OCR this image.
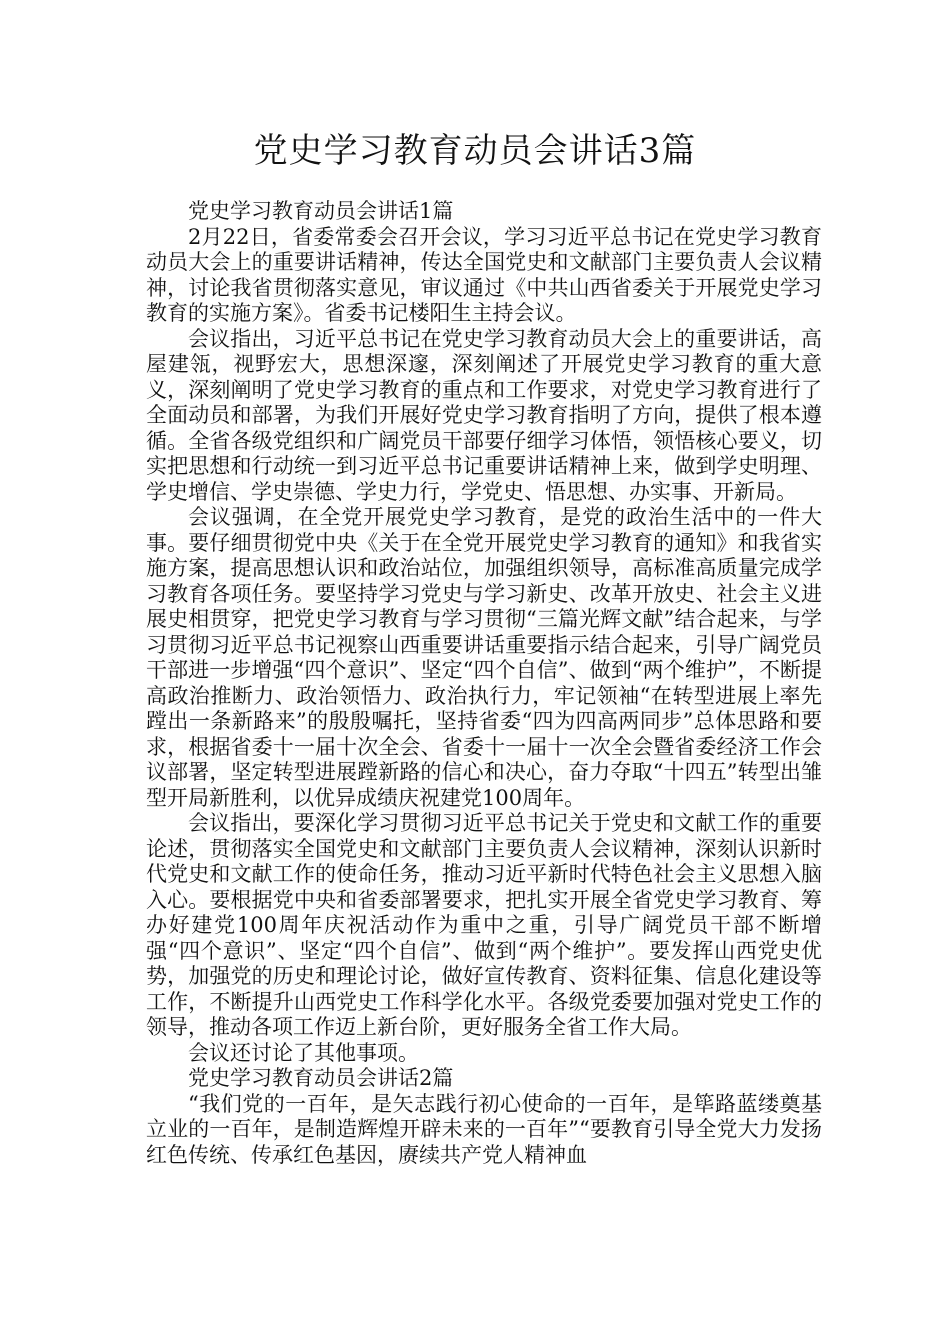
党史学习教育动员会讲话3篇

党史学习教育动员会讲话1篇

2月22日，省委常委会召开会议，学习习近平总书记在党史学习教育动员大会上的重要讲话精神，传达全国党史和文献部门主要负责人会议精神，讨论我省贯彻落实意见，审议通过《中共山西省委关于开展党史学习教育的实施方案》。省委书记楼阳生主持会议。

会议指出，习近平总书记在党史学习教育动员大会上的重要讲话，高屋建瓴，视野宏大，思想深邃，深刻阐述了开展党史学习教育的重大意义，深刻阐明了党史学习教育的重点和工作要求，对党史学习教育进行了全面动员和部署，为我们开展好党史学习教育指明了方向，提供了根本遵循。全省各级党组织和广阔党员干部要仔细学习体悟，领悟核心要义，切实把思想和行动统一到习近平总书记重要讲话精神上来，做到学史明理、学史增信、学史崇德、学史力行，学党史、悟思想、办实事、开新局。

会议强调，在全党开展党史学习教育，是党的政治生活中的一件大事。要仔细贯彻党中央《关于在全党开展党史学习教育的通知》和我省实施方案，提高思想认识和政治站位，加强组织领导，高标准高质量完成学习教育各项任务。要坚持学习党史与学习新史、改革开放史、社会主义进展史相贯穿，把党史学习教育与学习贯彻“三篇光辉文献”结合起来，与学习贯彻习近平总书记视察山西重要讲话重要指示结合起来，引导广阔党员干部进一步增强“四个意识”、坚定“四个自信”、做到“两个维护”，不断提高政治推断力、政治领悟力、政治执行力，牢记领袖“在转型进展上率先蹚出一条新路来”的殷殷嘱托，坚持省委“四为四高两同步”总体思路和要求，根据省委十一届十次全会、省委十一届十一次全会暨省委经济工作会议部署，坚定转型进展蹚新路的信心和决心，奋力夺取“十四五”转型出雏型开局新胜利，以优异成绩庆祝建党100周年。

会议指出，要深化学习贯彻习近平总书记关于党史和文献工作的重要论述，贯彻落实全国党史和文献部门主要负责人会议精神，深刻认识新时代党史和文献工作的使命任务，推动习近平新时代特色社会主义思想入脑入心。要根据党中央和省委部署要求，把扎实开展全省党史学习教育、筹办好建党100周年庆祝活动作为重中之重，引导广阔党员干部不断增强“四个意识”、坚定“四个自信”、做到“两个维护”。要发挥山西党史优势，加强党的历史和理论讨论，做好宣传教育、资料征集、信息化建设等工作，不断提升山西党史工作科学化水平。各级党委要加强对党史工作的领导，推动各项工作迈上新台阶，更好服务全省工作大局。

会议还讨论了其他事项。

党史学习教育动员会讲话2篇

“我们党的一百年，是矢志践行初心使命的一百年，是筚路蓝缕奠基立业的一百年，是制造辉煌开辟未来的一百年”“要教育引导全党大力发扬红色传统、传承红色基因，赓续共产党人精神血
